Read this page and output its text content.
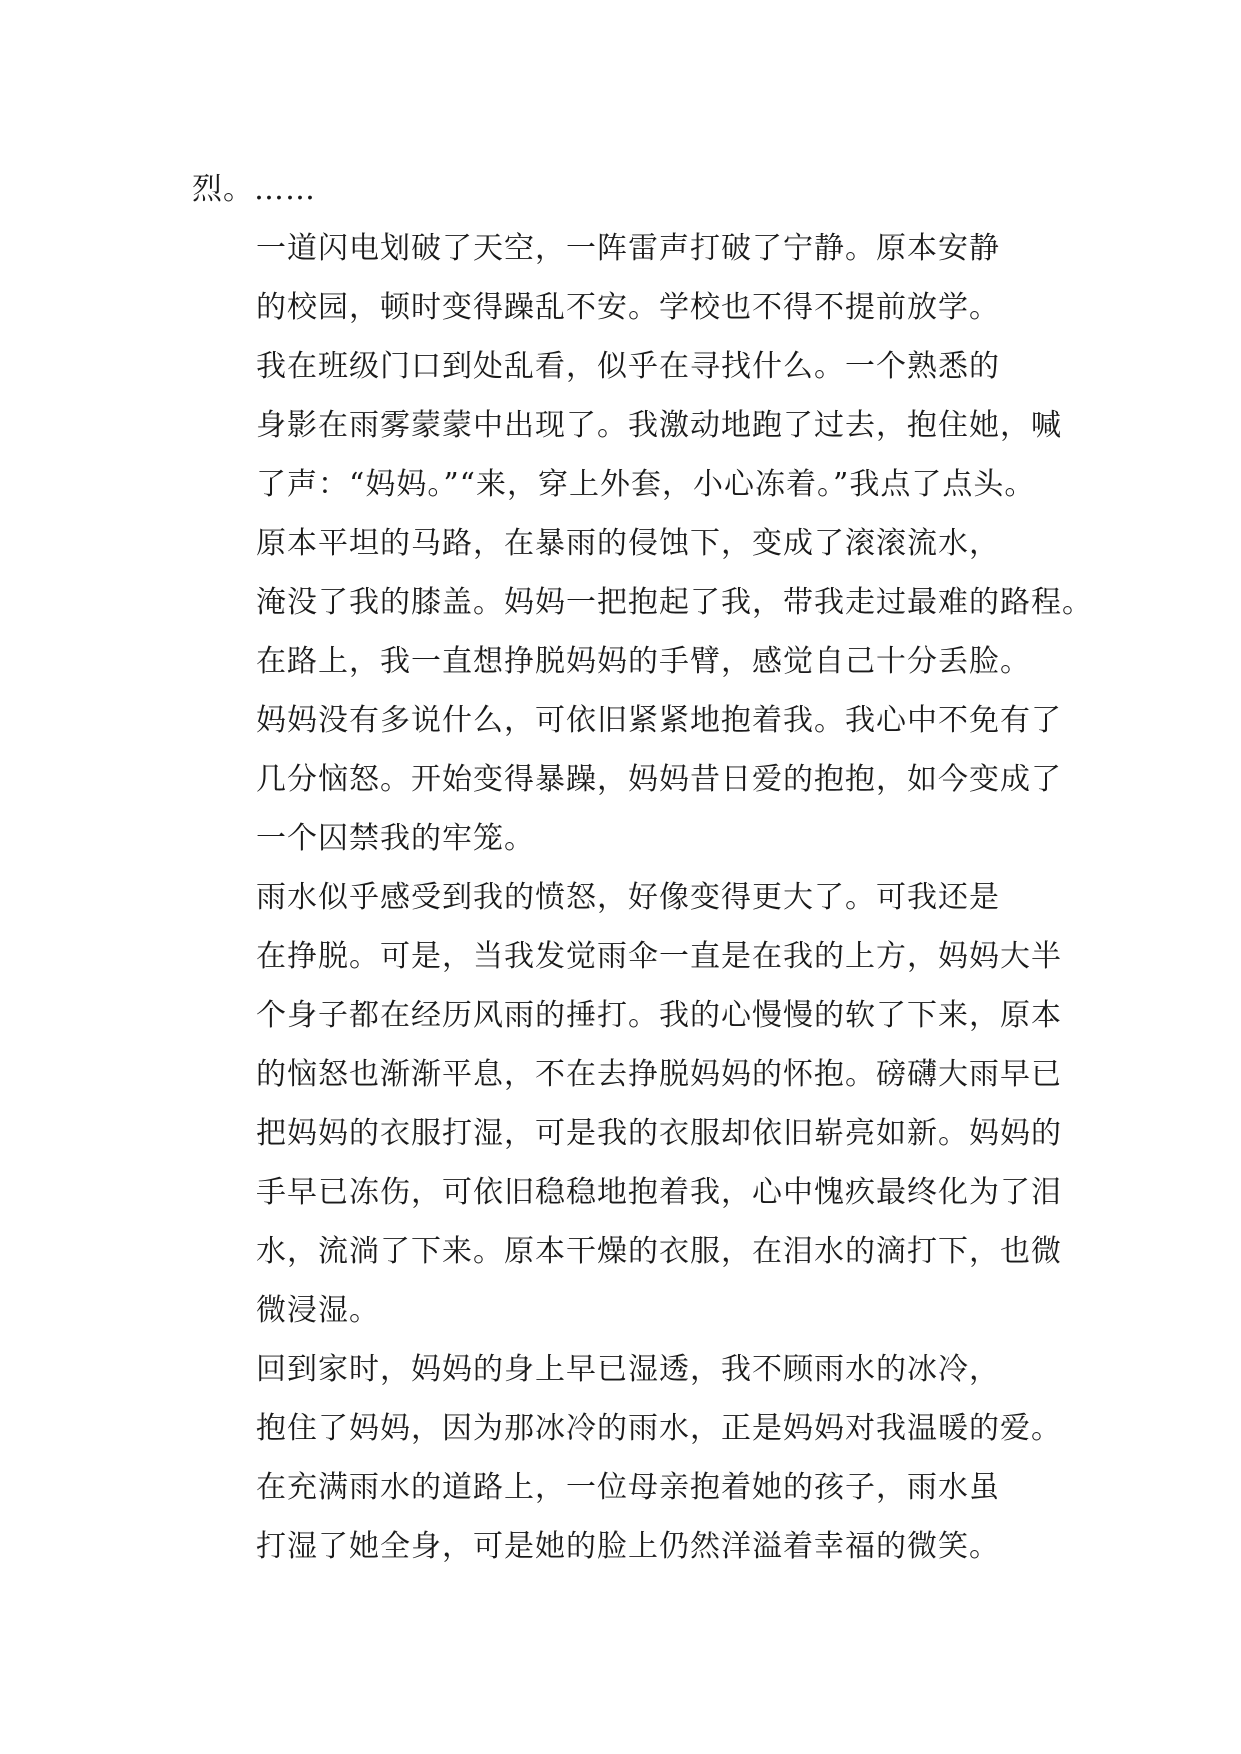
烈。……

一道闪电划破了天空，一阵雷声打破了宁静。原本安静
的校园，顿时变得躁乱不安。学校也不得不提前放学。

我在班级门口到处乱看，似乎在寻找什么。一个熟悉的
身影在雨雾蒙蒙中出现了。我激动地跑了过去，抱住她，喊
了声：“妈妈。”“来，穿上外套，小心冻着。”我点了点头。

原本平坦的马路，在暴雨的侵蚀下，变成了滚滚流水，
淹没了我的膝盖。妈妈一把抱起了我，带我走过最难的路程。

在路上，我一直想挣脱妈妈的手臂，感觉自己十分丢脸。
妈妈没有多说什么，可依旧紧紧地抱着我。我心中不免有了
几分恼怒。开始变得暴躁，妈妈昔日爱的抱抱，如今变成了
一个囚禁我的牢笼。

雨水似乎感受到我的愤怒，好像变得更大了。可我还是
在挣脱。可是，当我发觉雨伞一直是在我的上方，妈妈大半
个身子都在经历风雨的捶打。我的心慢慢的软了下来，原本
的恼怒也渐渐平息，不在去挣脱妈妈的怀抱。磅礴大雨早已
把妈妈的衣服打湿，可是我的衣服却依旧崭亮如新。妈妈的
手早已冻伤，可依旧稳稳地抱着我，心中愧疚最终化为了泪
水，流淌了下来。原本干燥的衣服，在泪水的滴打下，也微
微浸湿。

回到家时，妈妈的身上早已湿透，我不顾雨水的冰冷，
抱住了妈妈，因为那冰冷的雨水，正是妈妈对我温暖的爱。

在充满雨水的道路上，一位母亲抱着她的孩子，雨水虽
打湿了她全身，可是她的脸上仍然洋溢着幸福的微笑。
